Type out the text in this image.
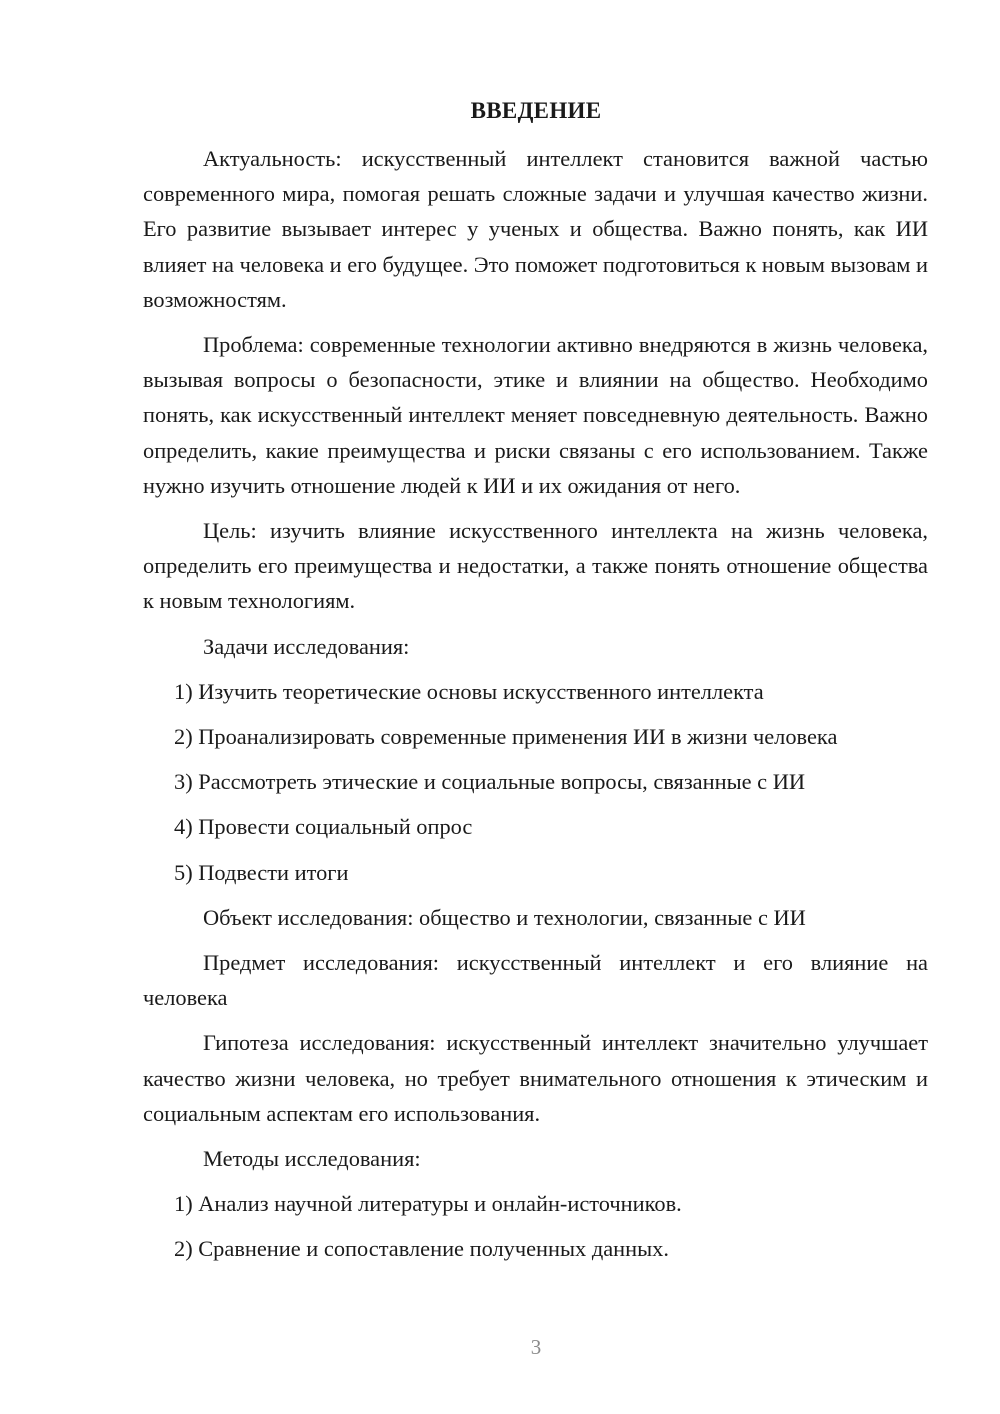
ВВЕДЕНИЕ

Актуальность: искусственный интеллект становится важной частью современного мира, помогая решать сложные задачи и улучшая качество жизни. Его развитие вызывает интерес у ученых и общества. Важно понять, как ИИ влияет на человека и его будущее. Это поможет подготовиться к новым вызовам и возможностям.

Проблема: современные технологии активно внедряются в жизнь человека, вызывая вопросы о безопасности, этике и влиянии на общество. Необходимо понять, как искусственный интеллект меняет повседневную деятельность. Важно определить, какие преимущества и риски связаны с его использованием. Также нужно изучить отношение людей к ИИ и их ожидания от него.

Цель: изучить влияние искусственного интеллекта на жизнь человека, определить его преимущества и недостатки, а также понять отношение общества к новым технологиям.

Задачи исследования:

1) Изучить теоретические основы искусственного интеллекта

2) Проанализировать современные применения ИИ в жизни человека

3) Рассмотреть этические и социальные вопросы, связанные с ИИ

4) Провести социальный опрос

5) Подвести итоги

Объект исследования: общество и технологии, связанные с ИИ

Предмет исследования: искусственный интеллект и его влияние на человека

Гипотеза исследования: искусственный интеллект значительно улучшает качество жизни человека, но требует внимательного отношения к этическим и социальным аспектам его использования.

Методы исследования:

1) Анализ научной литературы и онлайн-источников.

2) Сравнение и сопоставление полученных данных.

3
